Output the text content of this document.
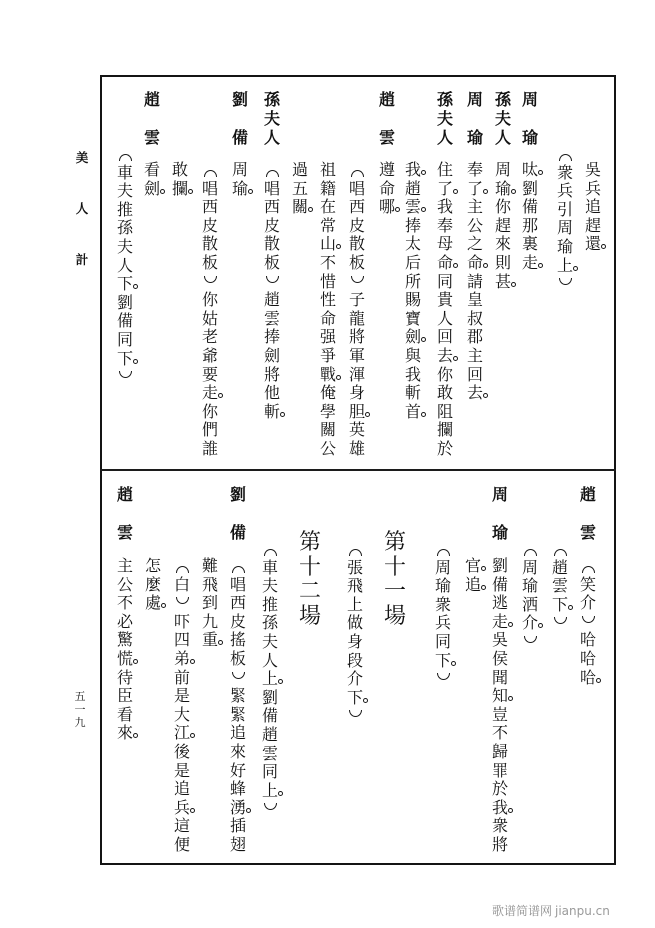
美
人
計
五
一
九
吳
兵
追
趕
還
衆
兵
引
周
瑜
上
周
瑜
呔
劉
備
那
裏
走
孫
夫
人
周
瑜
你
趕
來
則
甚
周
瑜
奉
了
主
公
之
命
請
皇
叔
郡
主
回
去
孫
夫
人
住
了
我
奉
母
命
同
貴
人
回
去
你
敢
阻
攔
於
我
趙
雲
捧
太
后
所
賜
寶
劍
與
我
斬
首
趙
雲
遵
命
哪
唱
西
皮
散
板
子
龍
將
軍
渾
身
胆
英
雄
祖
籍
在
常
山
不
惜
性
命
强
爭
戰
俺
學
關
公
過
五
關
孫
夫
人
唱
西
皮
散
板
趙
雲
捧
劍
將
他
斬
劉
備
周
瑜
唱
西
皮
散
板
你
姑
老
爺
要
走
你
們
誰
敢
攔
趙
雲
看
劍
車
夫
推
孫
夫
人
下
劉
備
同
下
趙
雲
笑
介
哈
哈
哈
趙
雲
下
周
瑜
洒
介
周
瑜
劉
備
逃
走
吳
侯
聞
知
豈
不
歸
罪
於
我
衆
將
官
追
周
瑜
衆
兵
同
下
第
十
一
場
張
飛
上
做
身
段
介
下
第
十
二
場
車
夫
推
孫
夫
人
上
劉
備
趙
雲
同
上
劉
備
唱
西
皮
搖
板
緊
緊
追
來
好
蜂
湧
插
翅
難
飛
到
九
重
白
吓
四
弟
前
是
大
江
後
是
追
兵
這
便
怎
麼
處
趙
雲
主
公
不
必
驚
慌
待
臣
看
來
歌谱简谱网 jianpu.cn
